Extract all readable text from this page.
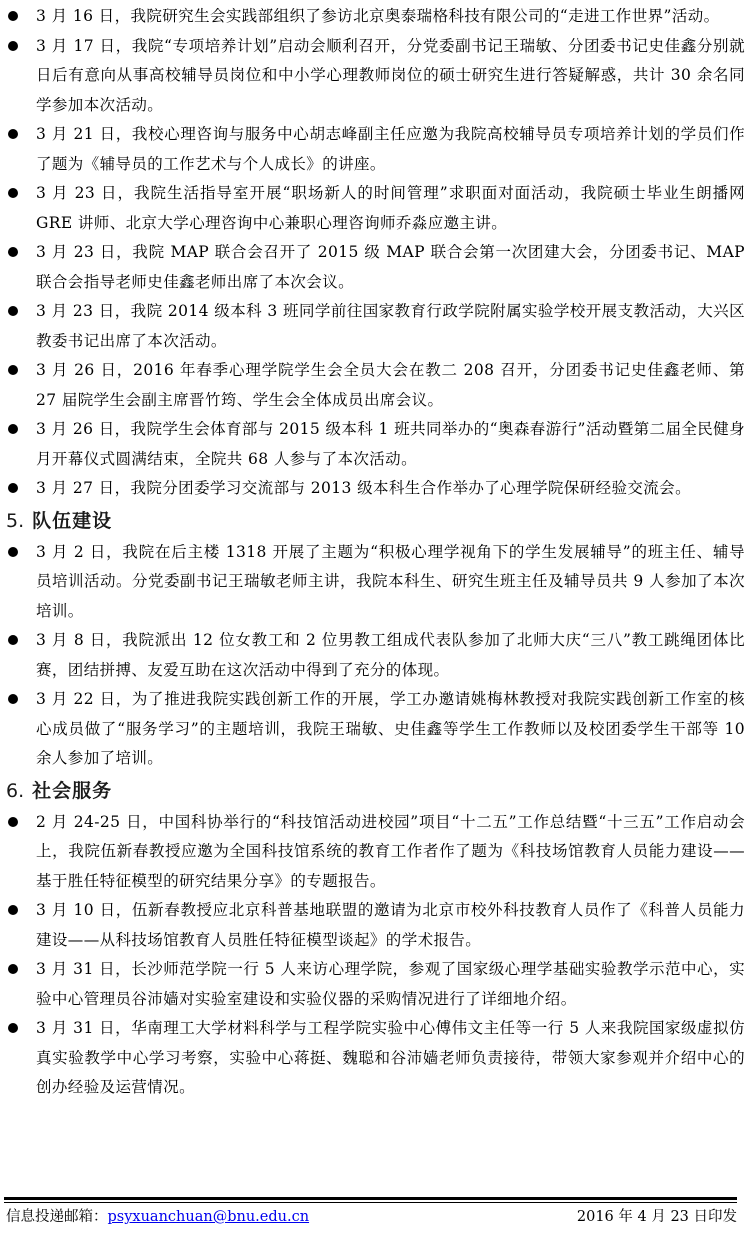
3 月 16 日，我院研究生会实践部组织了参访北京奥泰瑞格科技有限公司的“走进工作世界”活动。
3 月 17 日，我院“专项培养计划”启动会顺利召开，分党委副书记王瑞敏、分团委书记史佳鑫分别就日后有意向从事高校辅导员岗位和中小学心理教师岗位的硕士研究生进行答疑解惑，共计 30 余名同学参加本次活动。
3 月 21 日，我校心理咨询与服务中心胡志峰副主任应邀为我院高校辅导员专项培养计划的学员们作了题为《辅导员的工作艺术与个人成长》的讲座。
3 月 23 日，我院生活指导室开展“职场新人的时间管理”求职面对面活动，我院硕士毕业生朗播网 GRE 讲师、北京大学心理咨询中心兼职心理咨询师乔淼应邀主讲。
3 月 23 日，我院 MAP 联合会召开了 2015 级 MAP 联合会第一次团建大会，分团委书记、MAP 联合会指导老师史佳鑫老师出席了本次会议。
3 月 23 日，我院 2014 级本科 3 班同学前往国家教育行政学院附属实验学校开展支教活动，大兴区教委书记出席了本次活动。
3 月 26 日，2016 年春季心理学院学生会全员大会在教二 208 召开，分团委书记史佳鑫老师、第 27 届院学生会副主席晋竹筠、学生会全体成员出席会议。
3 月 26 日，我院学生会体育部与 2015 级本科 1 班共同举办的“奥森春游行”活动暨第二届全民健身月开幕仪式圆满结束，全院共 68 人参与了本次活动。
3 月 27 日，我院分团委学习交流部与 2013 级本科生合作举办了心理学院保研经验交流会。
5. 队伍建设
3 月 2 日，我院在后主楼 1318 开展了主题为“积极心理学视角下的学生发展辅导”的班主任、辅导员培训活动。分党委副书记王瑞敏老师主讲，我院本科生、研究生班主任及辅导员共 9 人参加了本次培训。
3 月 8 日，我院派出 12 位女教工和 2 位男教工组成代表队参加了北师大庆“三八”教工跳绳团体比赛，团结拼搏、友爱互助在这次活动中得到了充分的体现。
3 月 22 日，为了推进我院实践创新工作的开展，学工办邀请姚梅林教授对我院实践创新工作室的核心成员做了“服务学习”的主题培训，我院王瑞敏、史佳鑫等学生工作教师以及校团委学生干部等 10 余人参加了培训。
6. 社会服务
2 月 24-25 日，中国科协举行的“科技馆活动进校园”项目“十二五”工作总结暨“十三五”工作启动会上，我院伍新春教授应邀为全国科技馆系统的教育工作者作了题为《科技场馆教育人员能力建设——基于胜任特征模型的研究结果分享》的专题报告。
3 月 10 日，伍新春教授应北京科普基地联盟的邀请为北京市校外科技教育人员作了《科普人员能力建设——从科技场馆教育人员胜任特征模型谈起》的学术报告。
3 月 31 日，长沙师范学院一行 5 人来访心理学院，参观了国家级心理学基础实验教学示范中心，实验中心管理员谷沛嫱对实验室建设和实验仪器的采购情况进行了详细地介绍。
3 月 31 日，华南理工大学材料科学与工程学院实验中心傅伟文主任等一行 5 人来我院国家级虚拟仿真实验教学中心学习考察，实验中心蒋挺、魏聪和谷沛嫱老师负责接待，带领大家参观并介绍中心的创办经验及运营情况。
信息投递邮箱：psyxuanchuan@bnu.edu.cn	2016 年 4 月 23 日印发
